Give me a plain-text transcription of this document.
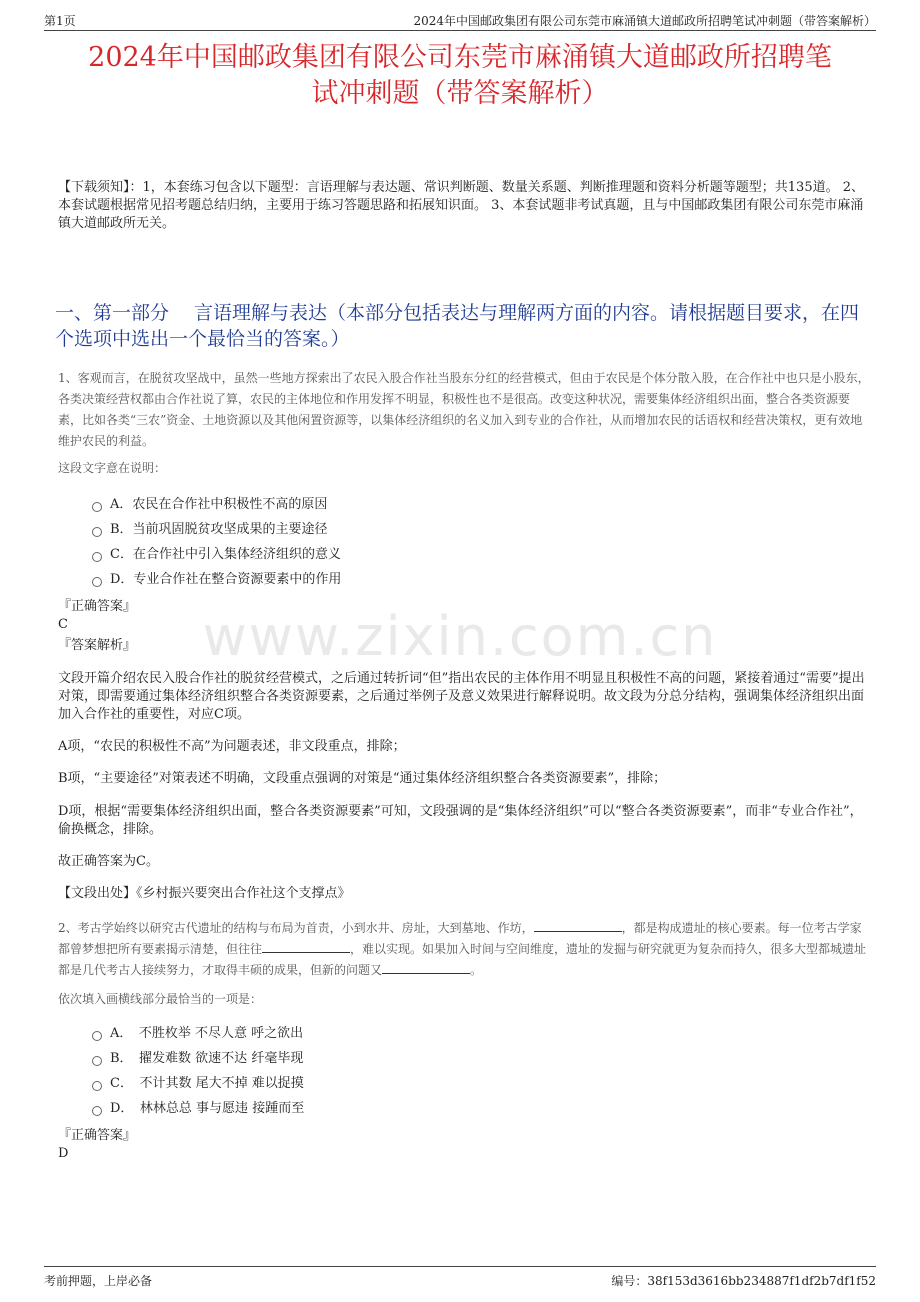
第1页	2024年中国邮政集团有限公司东莞市麻涌镇大道邮政所招聘笔试冲刺题（带答案解析）
2024年中国邮政集团有限公司东莞市麻涌镇大道邮政所招聘笔
试冲刺题（带答案解析）
【下载须知】：1，本套练习包含以下题型：言语理解与表达题、常识判断题、数量关系题、判断推理题和资料分析题等题型；共135道。 2、本套试题根据常见招考题总结归纳，主要用于练习答题思路和拓展知识面。 3、本套试题非考试真题，且与中国邮政集团有限公司东莞市麻涌镇大道邮政所无关。
一、第一部分　 言语理解与表达（本部分包括表达与理解两方面的内容。请根据题目要求，在四个选项中选出一个最恰当的答案。）
1、客观而言，在脱贫攻坚战中，虽然一些地方探索出了农民入股合作社当股东分红的经营模式，但由于农民是个体分散入股，在合作社中也只是小股东，各类决策经营权都由合作社说了算，农民的主体地位和作用发挥不明显，积极性也不是很高。改变这种状况，需要集体经济组织出面，整合各类资源要素，比如各类“三农”资金、土地资源以及其他闲置资源等，以集体经济组织的名义加入到专业的合作社，从而增加农民的话语权和经营决策权，更有效地维护农民的利益。
这段文字意在说明：
A．农民在合作社中积极性不高的原因
B．当前巩固脱贫攻坚成果的主要途径
C．在合作社中引入集体经济组织的意义
D．专业合作社在整合资源要素中的作用
『正确答案』
C
『答案解析』	www.zixin.com.cn
文段开篇介绍农民入股合作社的脱贫经营模式，之后通过转折词“但”指出农民的主体作用不明显且积极性不高的问题，紧接着通过“需要”提出对策，即需要通过集体经济组织整合各类资源要素，之后通过举例子及意义效果进行解释说明。故文段为分总分结构，强调集体经济组织出面加入合作社的重要性，对应C项。
A项，“农民的积极性不高”为问题表述，非文段重点，排除；
B项，“主要途径”对策表述不明确，文段重点强调的对策是“通过集体经济组织整合各类资源要素”，排除；
D项，根据“需要集体经济组织出面，整合各类资源要素”可知，文段强调的是“集体经济组织”可以“整合各类资源要素”，而非“专业合作社”，偷换概念，排除。
故正确答案为C。
【文段出处】《乡村振兴要突出合作社这个支撑点》
2、考古学始终以研究古代遗址的结构与布局为首责，小到水井、房址，大到墓地、作坊，	，都是构成遗址的核心要素。每一位考古学家都曾梦想把所有要素揭示清楚，但往往	，难以实现。如果加入时间与空间维度，遗址的发掘与研究就更为复杂而持久，很多大型都城遗址都是几代考古人接续努力，才取得丰硕的成果，但新的问题又	。
依次填入画横线部分最恰当的一项是：
A．　不胜枚举 不尽人意 呼之欲出
B．　擢发难数 欲速不达 纤毫毕现
C．　不计其数 尾大不掉 难以捉摸
D．　林林总总 事与愿违 接踵而至
『正确答案』
D
考前押题，上岸必备	编号：38f153d3616bb234887f1df2b7df1f52
